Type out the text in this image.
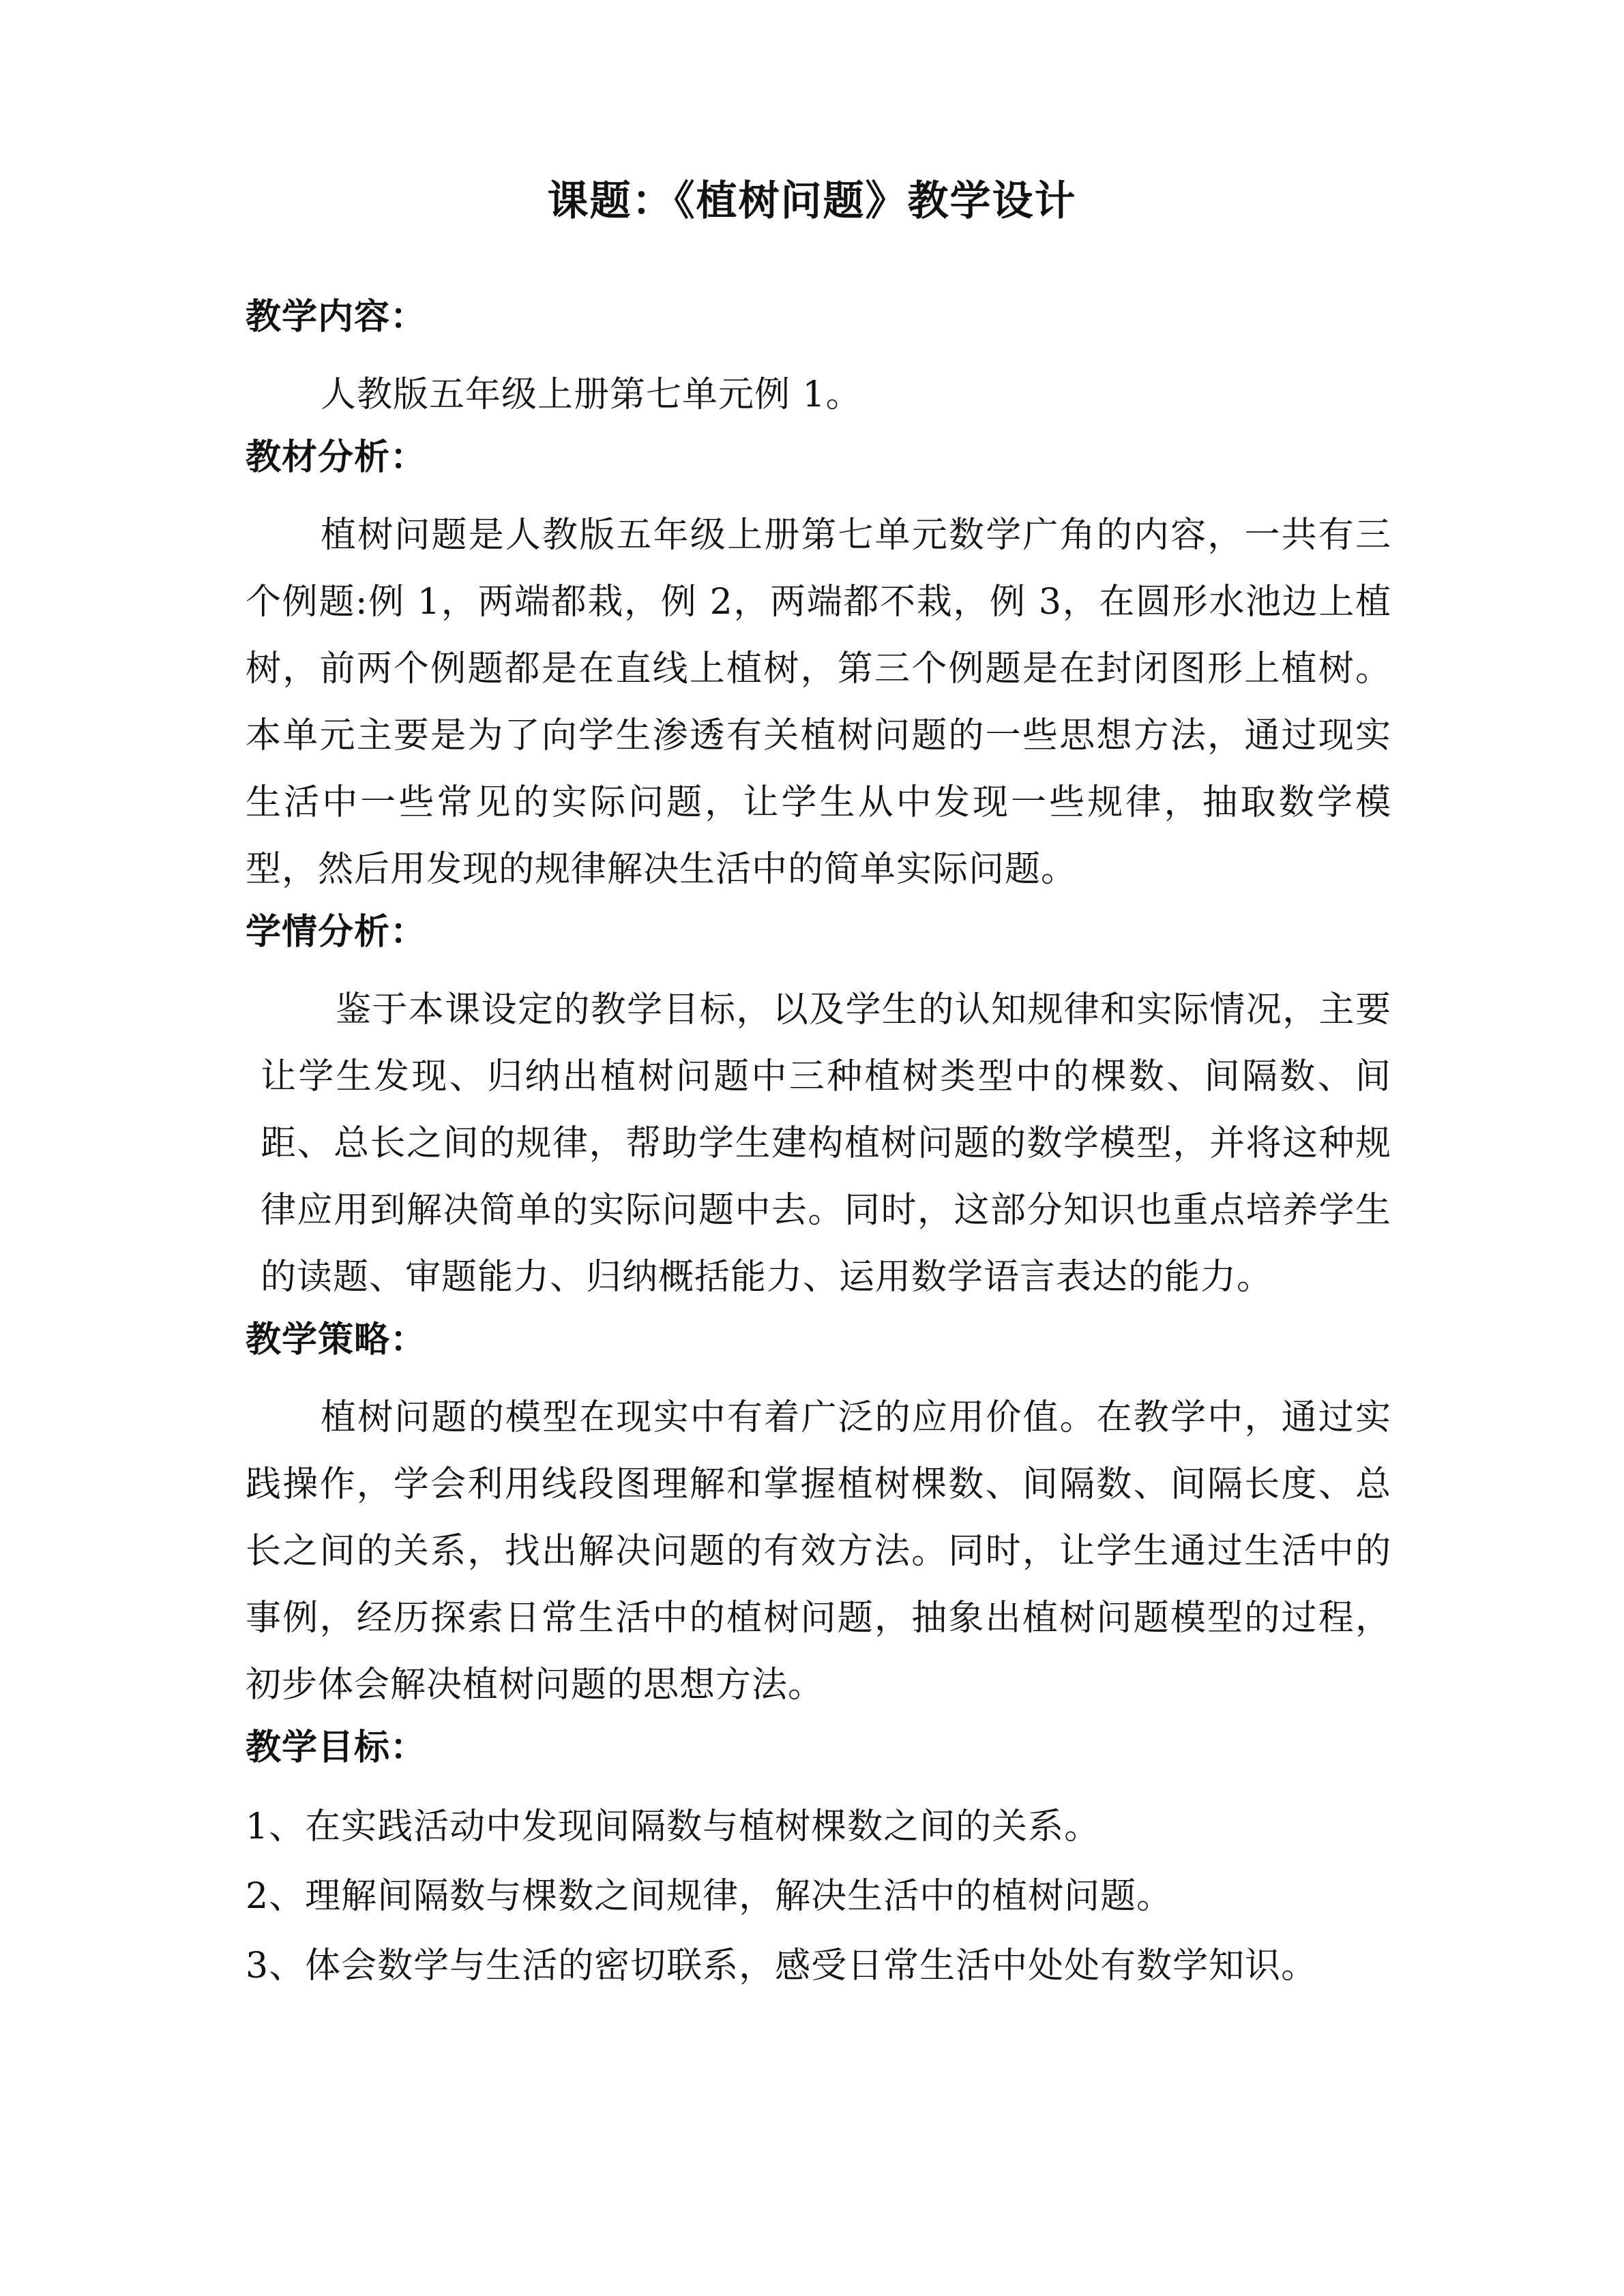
课题：《植树问题》教学设计
教学内容：

人教版五年级上册第七单元例 1。

教材分析：

植树问题是人教版五年级上册第七单元数学广角的内容，一共有三个例题:例 1，两端都栽，例 2，两端都不栽，例 3，在圆形水池边上植树，前两个例题都是在直线上植树，第三个例题是在封闭图形上植树。本单元主要是为了向学生渗透有关植树问题的一些思想方法，通过现实生活中一些常见的实际问题，让学生从中发现一些规律，抽取数学模型，然后用发现的规律解决生活中的简单实际问题。

学情分析：

鉴于本课设定的教学目标，以及学生的认知规律和实际情况，主要让学生发现、归纳出植树问题中三种植树类型中的棵数、间隔数、间距、总长之间的规律，帮助学生建构植树问题的数学模型，并将这种规律应用到解决简单的实际问题中去。同时，这部分知识也重点培养学生的读题、审题能力、归纳概括能力、运用数学语言表达的能力。

教学策略：

植树问题的模型在现实中有着广泛的应用价值。在教学中，通过实践操作，学会利用线段图理解和掌握植树棵数、间隔数、间隔长度、总长之间的关系，找出解决问题的有效方法。同时，让学生通过生活中的事例，经历探索日常生活中的植树问题，抽象出植树问题模型的过程，初步体会解决植树问题的思想方法。

教学目标：
1、在实践活动中发现间隔数与植树棵数之间的关系。
2、理解间隔数与棵数之间规律，解决生活中的植树问题。
3、体会数学与生活的密切联系，感受日常生活中处处有数学知识。
